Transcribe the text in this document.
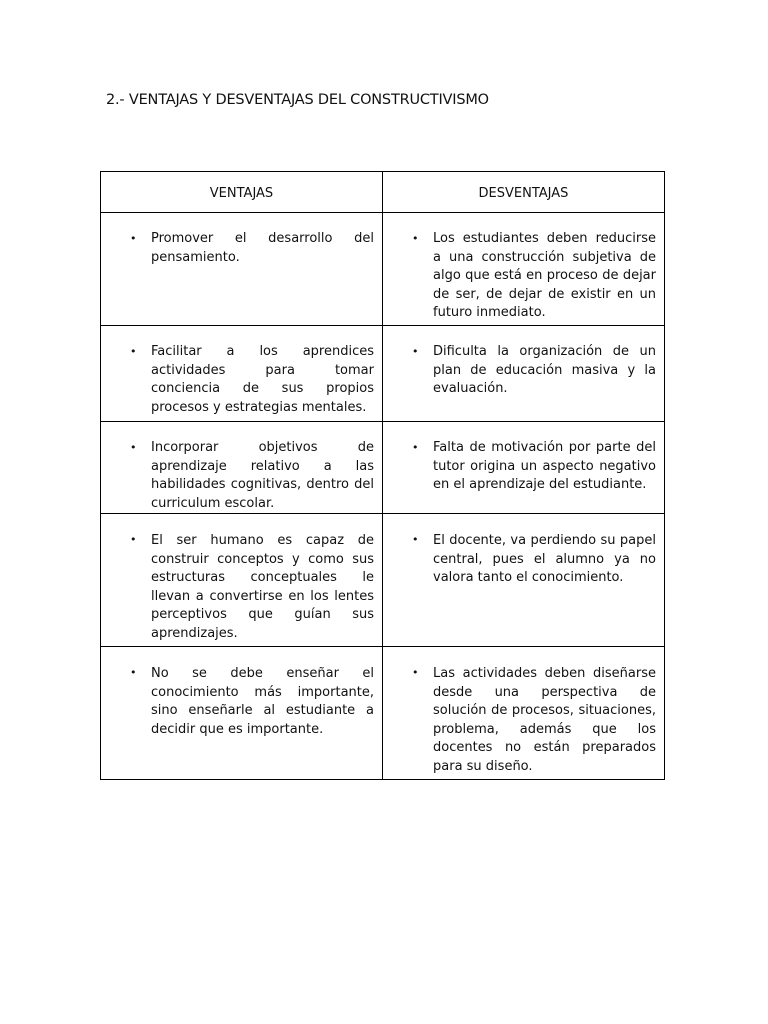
2.- VENTAJAS Y DESVENTAJAS DEL CONSTRUCTIVISMO
VENTAJAS	DESVENTAJAS

• Promover el desarrollo del pensamiento.	• Los estudiantes deben reducirse a una construcción subjetiva de algo que está en proceso de dejar de ser, de dejar de existir en un futuro inmediato.

• Facilitar a los aprendices actividades para tomar conciencia de sus propios procesos y estrategias mentales.	• Dificulta la organización de un plan de educación masiva y la evaluación.

• Incorporar objetivos de aprendizaje relativo a las habilidades cognitivas, dentro del curriculum escolar.	• Falta de motivación por parte del tutor origina un aspecto negativo en el aprendizaje del estudiante.

• El ser humano es capaz de construir conceptos y como sus estructuras conceptuales le llevan a convertirse en los lentes perceptivos que guían sus aprendizajes.	• El docente, va perdiendo su papel central, pues el alumno ya no valora tanto el conocimiento.

• No se debe enseñar el conocimiento más importante, sino enseñarle al estudiante a decidir que es importante.	• Las actividades deben diseñarse desde una perspectiva de solución de procesos, situaciones, problema, además que los docentes no están preparados para su diseño.
